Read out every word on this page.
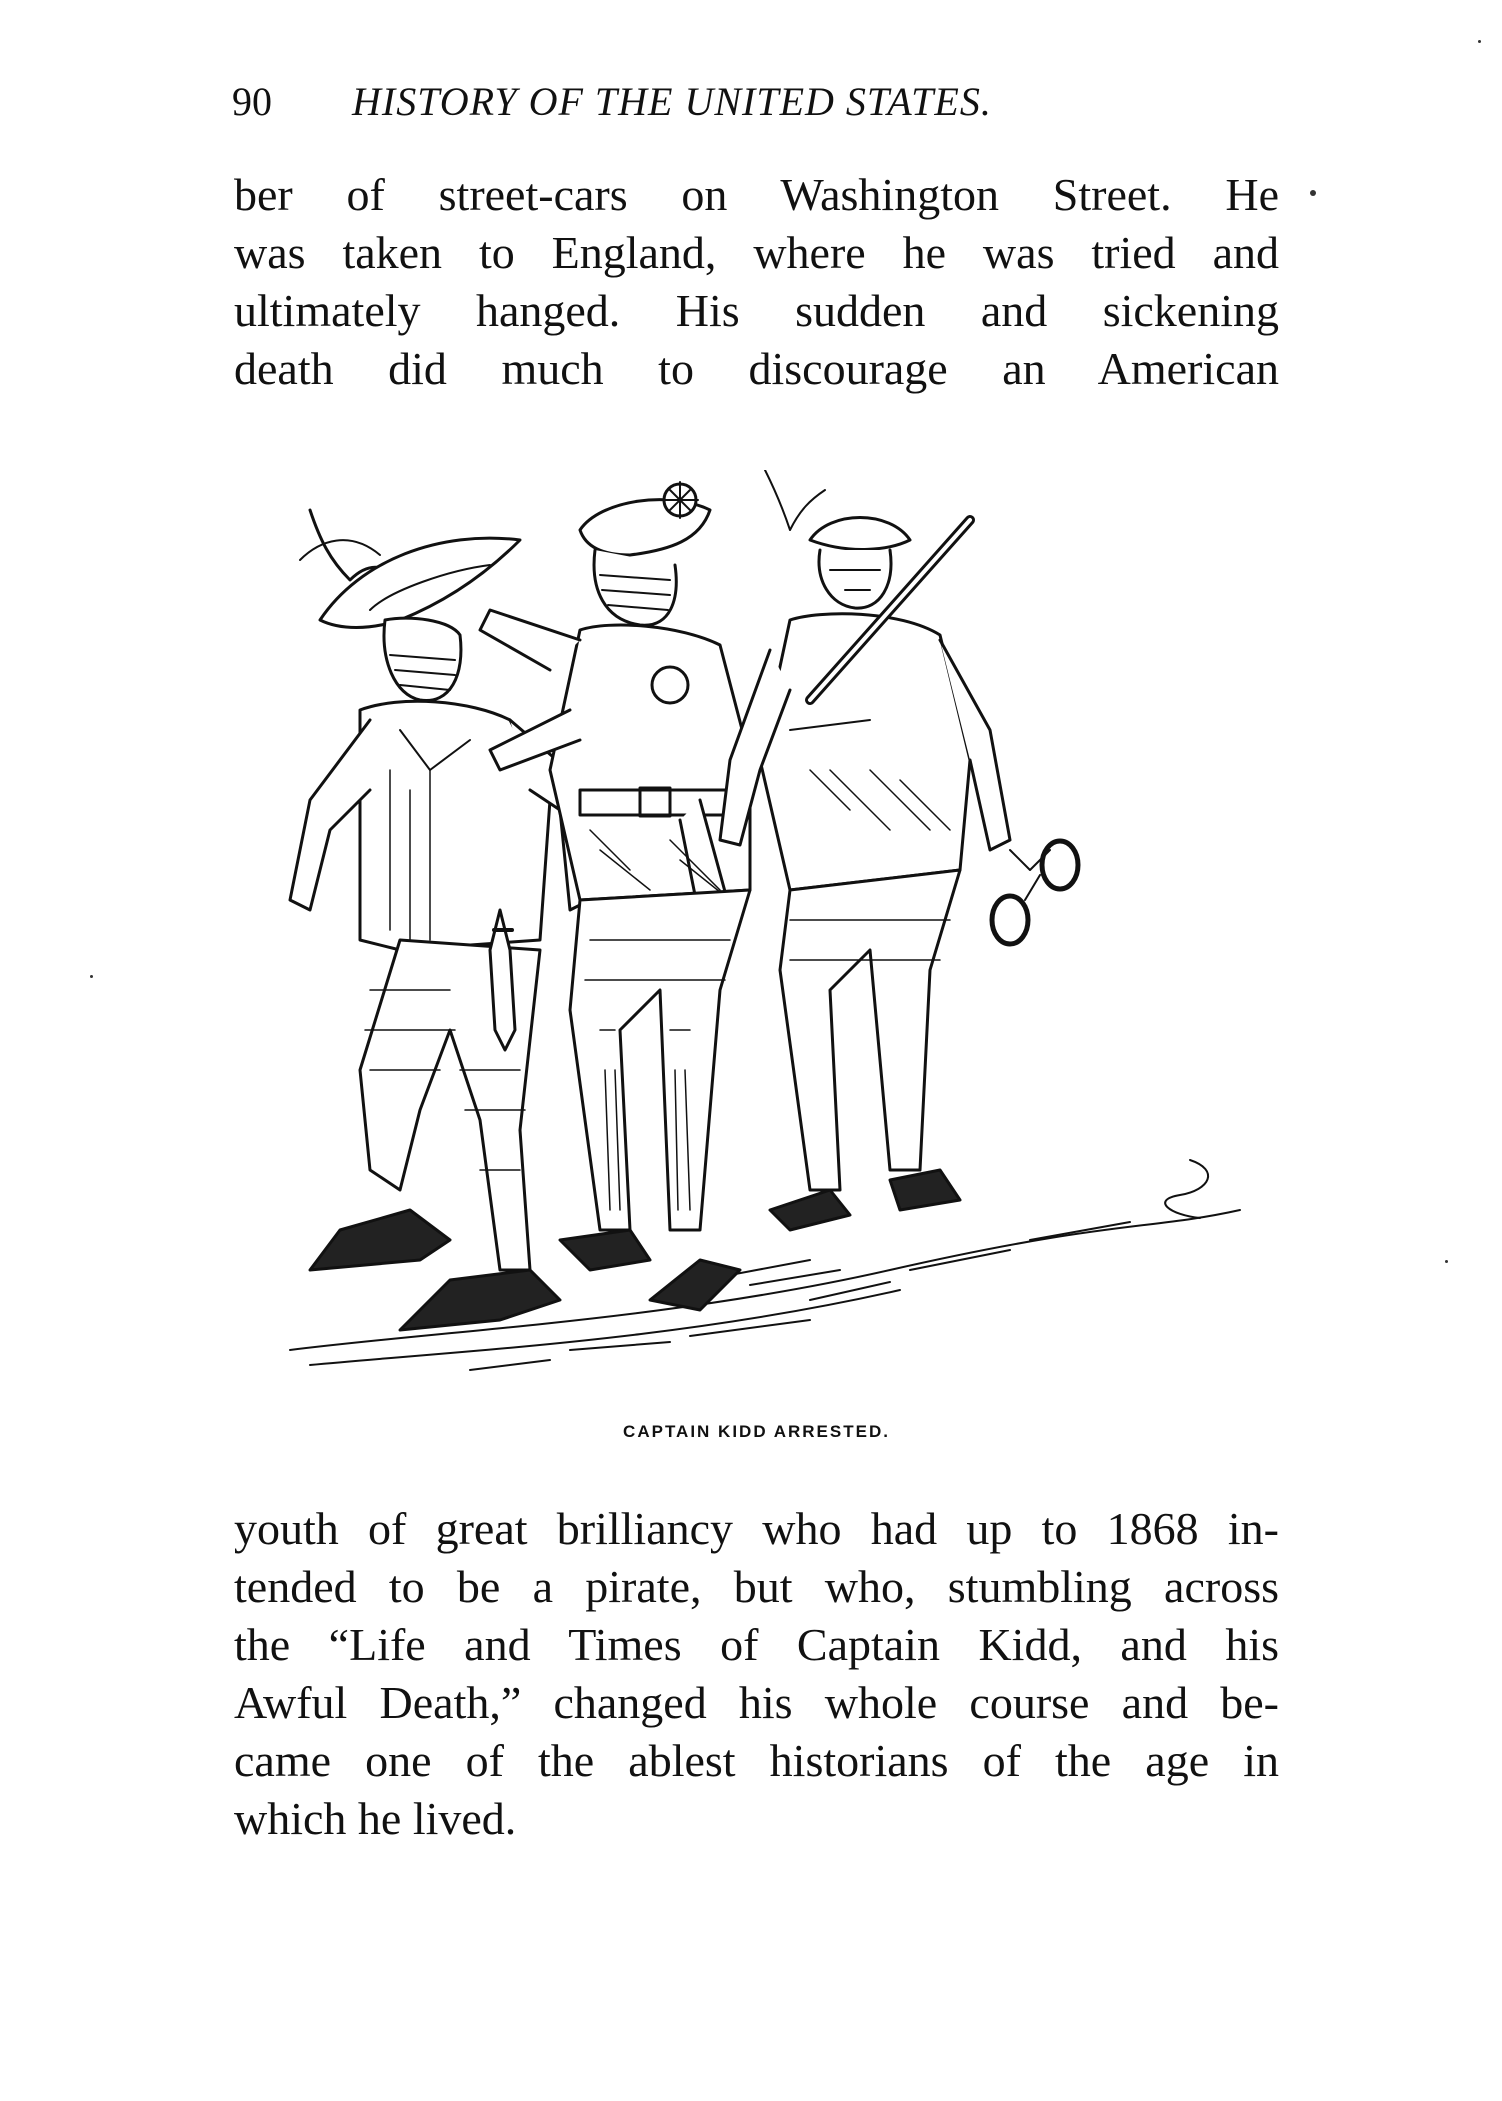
90 HISTORY OF THE UNITED STATES.
ber of street-cars on Washington Street. He
was taken to England, where he was tried and
ultimately hanged. His sudden and sickening
death did much to discourage an American
CAPTAIN KIDD ARRESTED.
youth of great brilliancy who had up to 1868 in-
tended to be a pirate, but who, stumbling across
the “Life and Times of Captain Kidd, and his
Awful Death,” changed his whole course and be-
came one of the ablest historians of the age in
which he lived.
